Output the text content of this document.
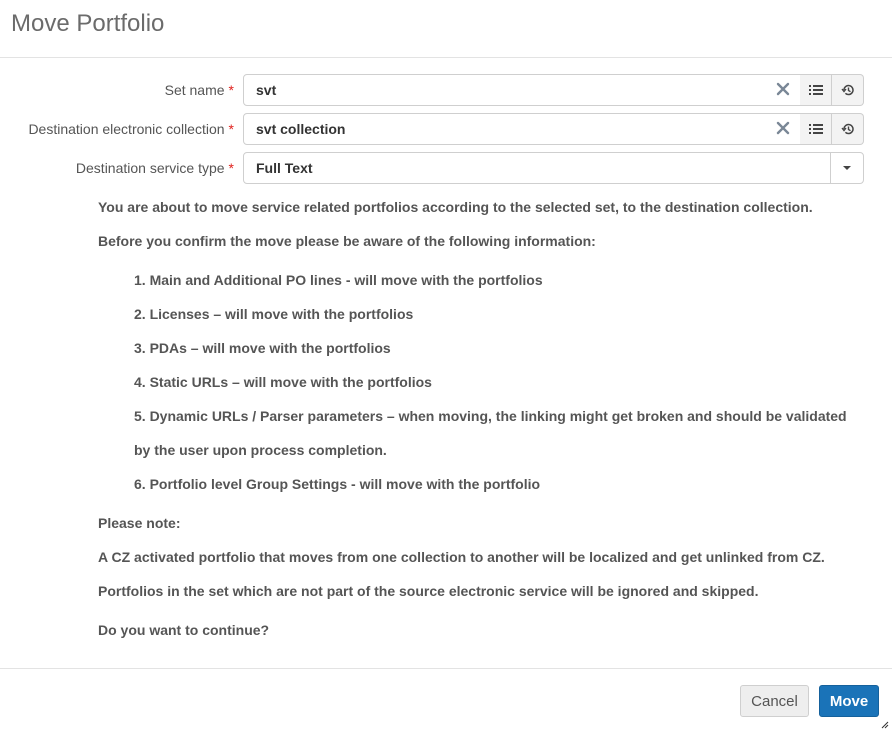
Move Portfolio
Set name * svt
Destination electronic collection * svt collection
Destination service type * Full Text

You are about to move service related portfolios according to the selected set, to the destination collection. Before you confirm the move please be aware of the following information:

1. Main and Additional PO lines - will move with the portfolios
2. Licenses – will move with the portfolios
3. PDAs – will move with the portfolios
4. Static URLs – will move with the portfolios
5. Dynamic URLs / Parser parameters – when moving, the linking might get broken and should be validated by the user upon process completion.
6. Portfolio level Group Settings - will move with the portfolio

Please note:

A CZ activated portfolio that moves from one collection to another will be localized and get unlinked from CZ.

Portfolios in the set which are not part of the source electronic service will be ignored and skipped.

Do you want to continue?

Cancel	Move
